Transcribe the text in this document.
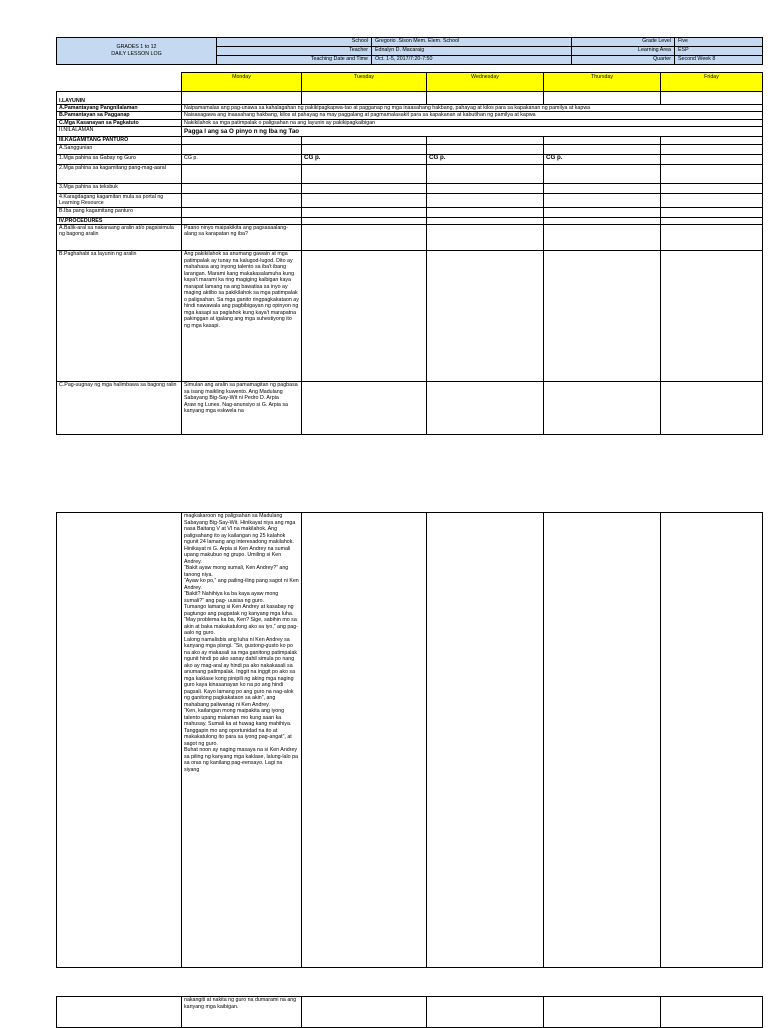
GRADES 1 to 12
DAILY LESSON LOG	School	Gregorio .Sison Mem. Elem. School	Grade Level	Five
	Teacher	Ednalyn D. Macaraig	Learning Area	ESP
	Teaching Date and Time	Oct. 1-5, 2017/7:20-7:50	Quarter	Second Week 8
	Monday	Tuesday	Wednesday	Thursday	Friday
I.LAYUNIN					
A.Pamantayang Pangnilalaman	Naipamamalas ang pag-unawa sa kahalagahan ng pakikipagkapwa-tao at pagganap ng mga inaasahang hakbang, pahayag at kilos para sa kapakanan ng pamilya at kapwa				
B.Pamantayan sa Pagganap	Naisasagawa ang inaasahang hakbang, kilos at pahayag na may paggalang at pagmamalasakit para sa kapakanan at kabutihan ng pamilya at kapwa				
C.Mga Kasanayan sa Pagkatuto	Nakikilahok sa mga patimpalak o paligsahan na ang layunin ay pakikipagkaibigan				
II.NILALAMAN	Pagga l ang sa O pinyo n ng Iba ng Tao				
III.KAGAMITANG PANTURO					
A.Sanggunian					
1.Mga pahina sa Gabay ng Guro	CG p.	CG p.	CG p.	CG p.	
2.Mga pahina sa kagamitang pang-mag-aaral					
3.Mga pahina sa teksbuk					
4.Karagdagang kagamitan mula sa portal ng Learning Resource					
B.Iba pang kagamitang panturo					
IV.PROCEDURES					
A.Balik-aral sa nakaraang aralin at/o pagsisimula ng bagong aralin	Paano ninyo maipakikita ang pagsasaalang-alang sa karapatan ng iba?				
B.Paghahabi sa layunin ng aralin	Ang pakikilahok sa anumang gawain at mga patimpalak ay tunay na kalugod-lugod. Dito ay mahahasa ang inyong talento sa iba't ibang larangan. Marami kang makakasalamuha kung kaya't marami ka ring magiging kaibigan kaya marapat lamang na ang bawatisa sa inyo ay maging aktibo sa pakikilahok sa mga patimpalak o paligsahan. Sa mga ganito ringpagkakataon ay hindi nawawala ang pagbibigayan ng opinyon ng mga kasapi sa paglahok kung kaya't marapatna pakinggan at igalang ang mga suhestiyong ito ng mga kasapi.				
C.Pag-uugnay ng mga halimbawa sa bagong ralin	Simulan ang aralin sa pamamagitan ng pagbasa sa isang maikling kuwento. Ang Madulang Sabayang Big-Say-Wit ni Pedro D. Arpia
Araw ng Lunes. Nag-anunsiyo si G. Arpia sa kanyang mga eskwela na				
	magkakaroon ng paligsahan sa Madulang Sabayang Big-Say-Wit. Hinikayat niya ang mga nasa Baitang V at VI na makilahok. Ang paligsahang ito ay kailangan ng 25 kalahok ngunit 24 lamang ang interesadong makilahok.
Hinikayat ni G. Arpia si Ken Andrey na sumali upang makubuo ng grupo. Umiling si Ken Andrey.
“Bakit ayaw mong sumali, Ken Andrey?” ang tanong niya.
“Ayaw ko po,” ang pailing-iling pang sagot ni Ken Andrey.
“Bakit? Nahihiya ka ba kaya ayaw mong sumali?” ang pag- uusisa ng guro.
Tumango lamang si Ken Andrey at kasabay ng pagtungo ang pagpatak ng kanyang mga luha.
“May problema ka ba, Ken? Sige, sabihin mo sa akin at baka makakatulong ako sa iyo,” ang pag-aalo ng guro.
Lalong namalisbis ang luha ni Ken Andrey sa kanyang mga pisngi. “Sir, gustong-gusto ko po na ako ay makasali sa mga ganitong patimpalak ngunit hindi po ako sanay dahil simula po nang ako ay mag-aral ay hindi pa ako nakakasali sa anumang patimpalak. Inggit na inggit po ako sa mga kaklase kong pinipili ng aking mga naging guro kaya kinasanayan ko na po ang hindi pagsali. Kayo lamang po ang guro na nag-alok ng ganitong pagkakataon sa akin”, ang mahabang paliwanag ni Ken Andrey.
“Ken, kailangan mong maipakita ang iyong talento upang malaman mo kung saan ka mahusay. Sumali ka at huwag kang mahihiya. Tanggapin mo ang oportunidad na ito at makakatulong ito para sa iyong pag-angat”, at sagot ng guro.
Buhat noon ay naging masaya na si Ken Andrey sa piling ng kanyang mga kaklase, lalung-lalo pa sa oras ng kanilang pag-eensayo. Lagi na siyang				
	nakangiti at nakita ng guro na dumarami na ang kanyang mga kaibigan.				
